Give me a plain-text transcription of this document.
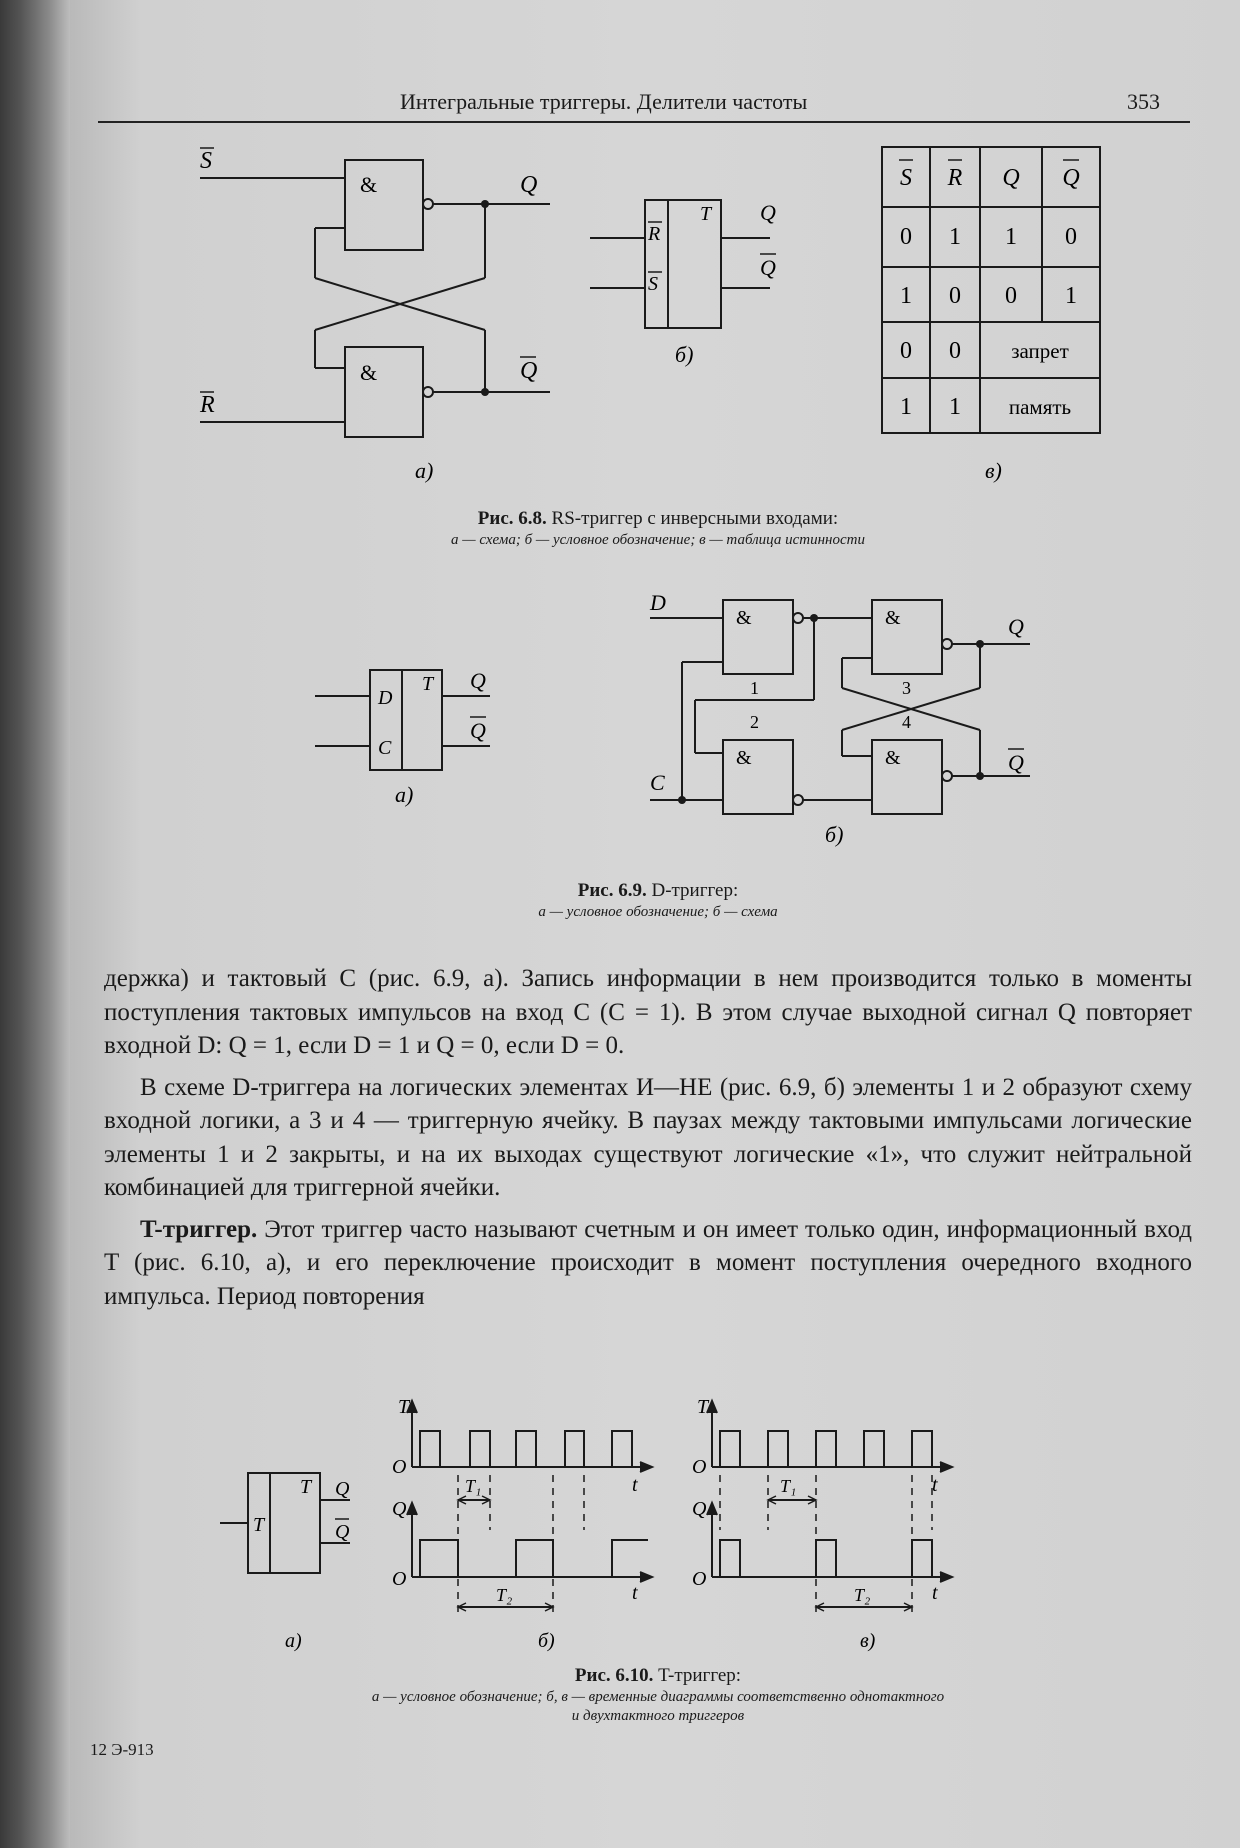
Интегральные триггеры. Делители частоты	353
&
&
S
R
Q
Q
а)
R
S
T Q
Q
б)
S R Q Q
0 1 1 0
1 0 0 1
0 0 запрет
1 1 память
в)
Рис. 6.8. RS-триггер с инверсными входами:
а — схема; б — условное обозначение; в — таблица истинности
D
C
T Q
Q
а)
&
&
&
&
D
C
1
2
3
4
Q
Q
б)
Рис. 6.9. D-триггер:
а — условное обозначение; б — схема

держка) и тактовый C (рис. 6.9, а). Запись информации в нем производится только в моменты поступления тактовых импульсов на вход C (C = 1). В этом случае выходной сигнал Q повторяет входной D: Q = 1, если D = 1 и Q = 0, если D = 0.

В схеме D-триггера на логических элементах И—НЕ (рис. 6.9, б) элементы 1 и 2 образуют схему входной логики, а 3 и 4 — триггерную ячейку. В паузах между тактовыми импульсами логические элементы 1 и 2 закрыты, и на их выходах существуют логические «1», что служит нейтральной комбинацией для триггерной ячейки.

T-триггер. Этот триггер часто называют счетным и он имеет только один, информационный вход T (рис. 6.10, а), и его переключение происходит в момент поступления очередного входного импульса. Период повторения

T
T Q
Q
а)
T
O
Q
O
t
t
T₁
T₂
б)
T
O
Q
O
t
t
T₁
T₂
в)
Рис. 6.10. T-триггер:
а — условное обозначение; б, в — временные диаграммы соответственно однотактного
и двухтактного триггеров
12 Э-913
